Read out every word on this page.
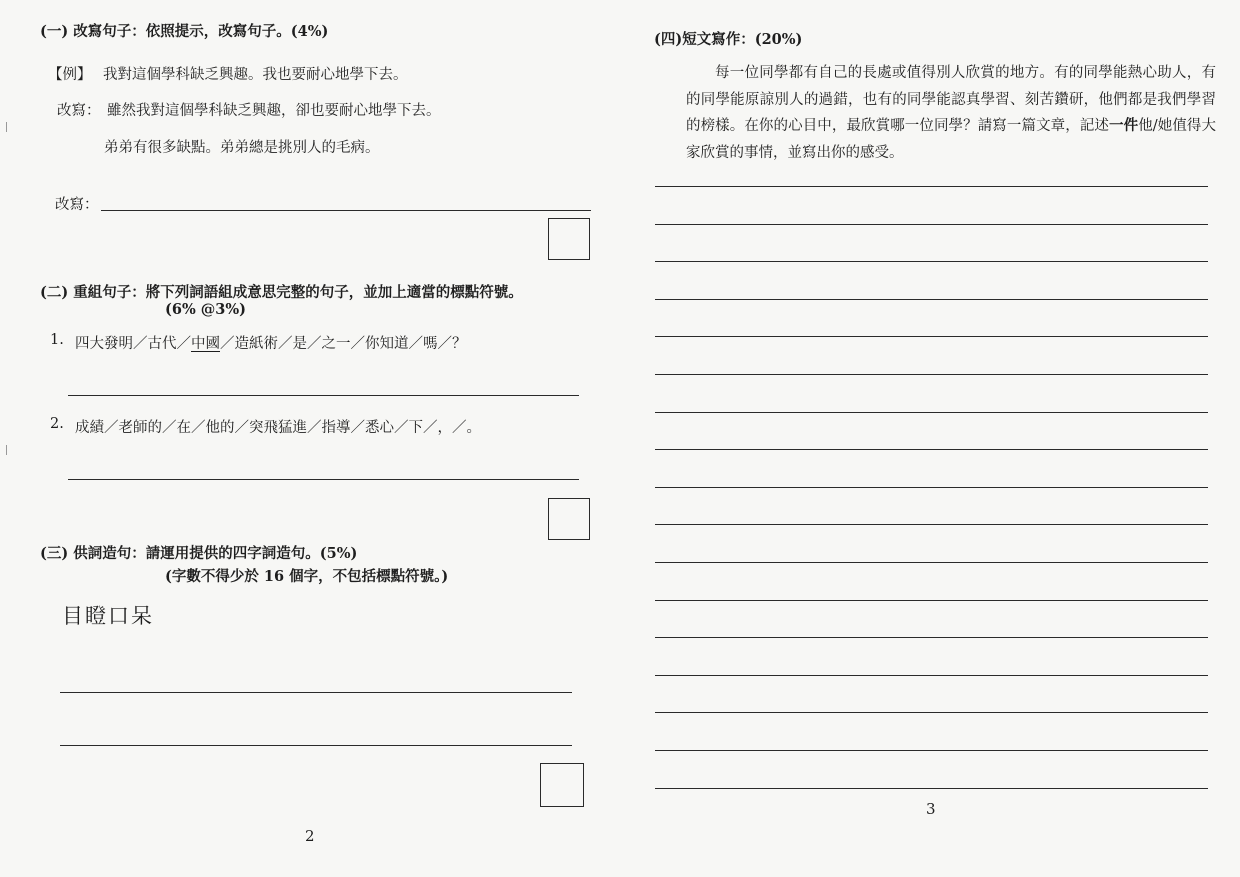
(一) 改寫句子：依照提示，改寫句子。(4%)
【例】 我對這個學科缺乏興趣。我也要耐心地學下去。
改寫： 雖然我對這個學科缺乏興趣，卻也要耐心地學下去。
弟弟有很多缺點。弟弟總是挑別人的毛病。
改寫：
(二) 重組句子：將下列詞語組成意思完整的句子，並加上適當的標點符號。
(6% @3%)
1. 四大發明／古代／中國／造紙術／是／之一／你知道／嗎／？
2. 成績／老師的／在／他的／突飛猛進／指導／悉心／下／，／。
(三) 供詞造句：請運用提供的四字詞造句。(5%)
(字數不得少於 16 個字，不包括標點符號。)
目瞪口呆
2
(四)短文寫作：(20%)
3
每一位同學都有自己的長處或值得別人欣賞的地方。有的同學能熱心助人，有的同學能原諒別人的過錯，也有的同學能認真學習、刻苦鑽研，他們都是我們學習的榜樣。在你的心目中，最欣賞哪一位同學？請寫一篇文章，記述一件他/她值得大家欣賞的事情，並寫出你的感受。
